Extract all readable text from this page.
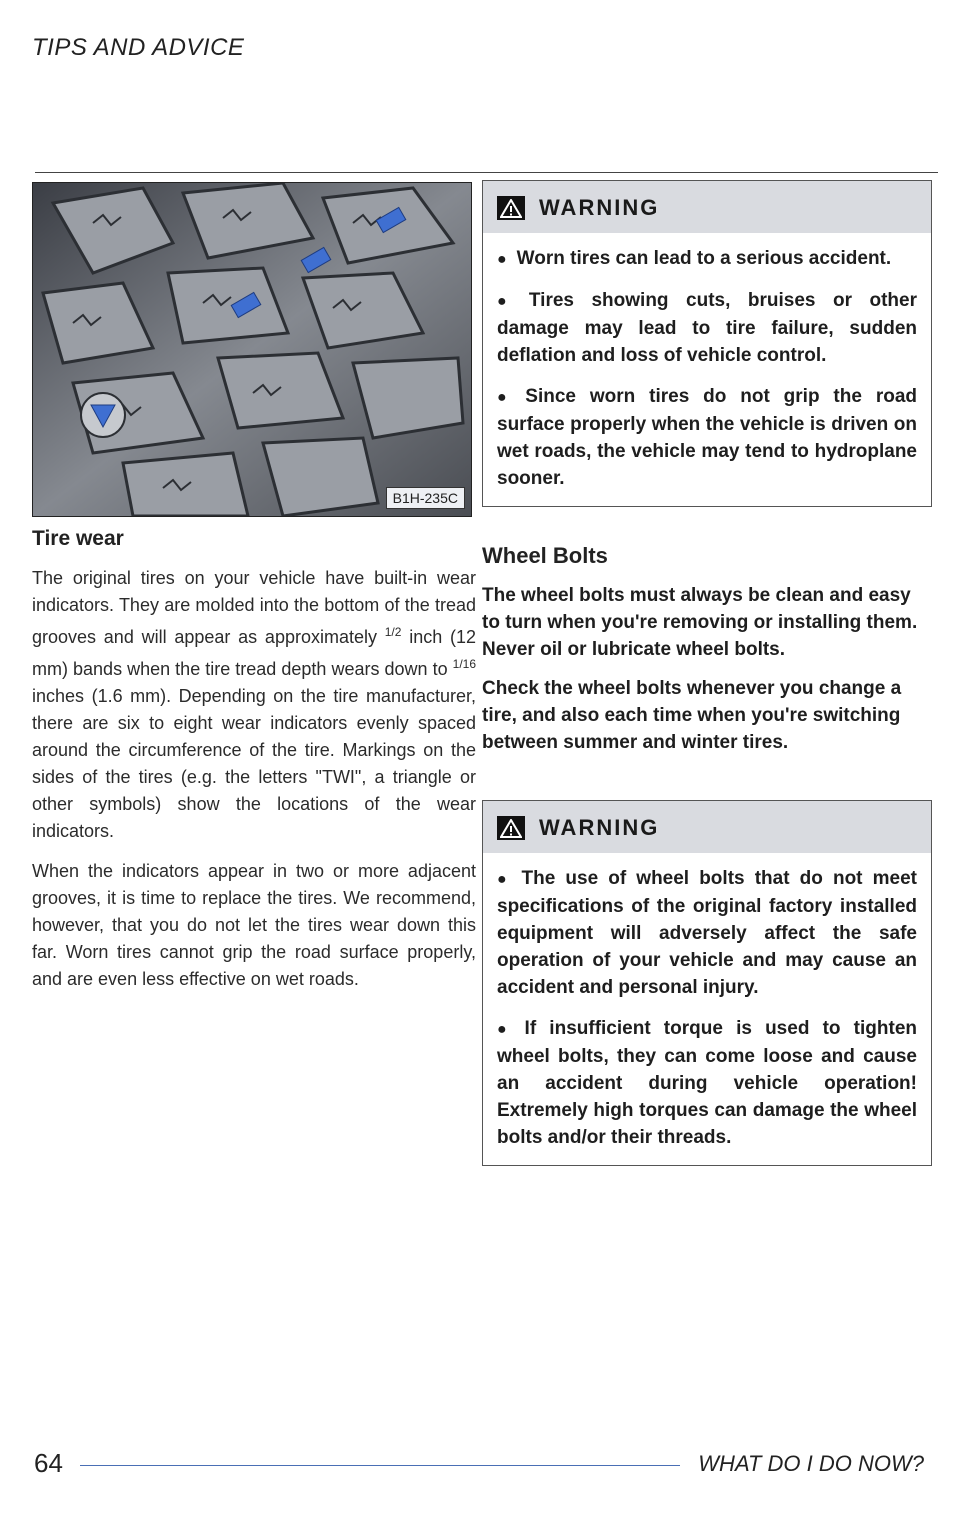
TIPS AND ADVICE
B1H-235C
Tire wear

The original tires on your vehicle have built-in wear indicators. They are molded into the bottom of the tread grooves and will appear as approximately $^{1/2}$ inch (12 mm) bands when the tire tread depth wears down to $^{1/16}$ inches (1.6 mm). Depending on the tire manufacturer, there are six to eight wear indicators evenly spaced around the circumference of the tire. Markings on the sides of the tires (e.g. the letters "TWI", a triangle or other symbols) show the locations of the wear indicators.

When the indicators appear in two or more adjacent grooves, it is time to replace the tires. We recommend, however, that you do not let the tires wear down this far. Worn tires cannot grip the road surface properly, and are even less effective on wet roads.

WARNING
● Worn tires can lead to a serious accident.
● Tires showing cuts, bruises or other damage may lead to tire failure, sudden deflation and loss of vehicle control.
● Since worn tires do not grip the road surface properly when the vehicle is driven on wet roads, the vehicle may tend to hydroplane sooner.
Wheel Bolts

The wheel bolts must always be clean and easy to turn when you're removing or installing them. Never oil or lubricate wheel bolts.

Check the wheel bolts whenever you change a tire, and also each time when you're switching between summer and winter tires.

WARNING
● The use of wheel bolts that do not meet specifications of the original factory installed equipment will adversely affect the safe operation of your vehicle and may cause an accident and personal injury.
● If insufficient torque is used to tighten wheel bolts, they can come loose and cause an accident during vehicle operation! Extremely high torques can damage the wheel bolts and/or their threads.
64	WHAT DO I DO NOW?
